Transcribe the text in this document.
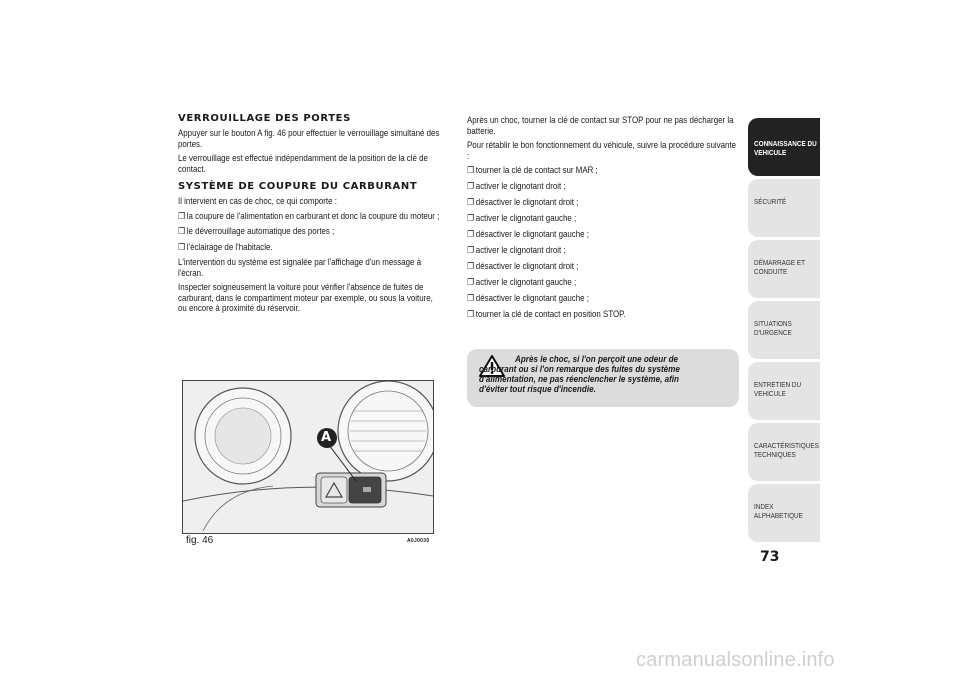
VERROUILLAGE DES PORTES

Appuyer sur le bouton A fig. 46 pour effectuer le verrouillage simultané des portes.

Le verrouillage est effectué indépendamment de la position de la clé de contact.

SYSTÈME DE COUPURE DU CARBURANT

Il intervient en cas de choc, ce qui comporte :

❐ la coupure de l'alimentation en carburant et donc la coupure du moteur ;
❐ le déverrouillage automatique des portes ;
❐ l'éclairage de l'habitacle.

L'intervention du système est signalée par l'affichage d'un message à l'écran.

Inspecter soigneusement la voiture pour vérifier l'absence de fuites de carburant, dans le compartiment moteur par exemple, ou sous la voiture, ou encore à proximité du réservoir.

A
fig. 46	A0J0030

Après un choc, tourner la clé de contact sur STOP pour ne pas décharger la batterie.

Pour rétablir le bon fonctionnement du véhicule, suivre la procédure suivante :

❐ tourner la clé de contact sur MAR ;
❐ activer le clignotant droit ;
❐ désactiver le clignotant droit ;
❐ activer le clignotant gauche ;
❐ désactiver le clignotant gauche ;
❐ activer le clignotant droit ;
❐ désactiver le clignotant droit ;
❐ activer le clignotant gauche ;
❐ désactiver le clignotant gauche ;
❐ tourner la clé de contact en position STOP.
Après le choc, si l'on perçoit une odeur de carburant ou si l'on remarque des fuites du système d'alimentation, ne pas réenclencher le système, afin d'éviter tout risque d'incendie.
CONNAISSANCE DU VEHICULE
SÉCURITÉ
DÉMARRAGE ET CONDUITE
SITUATIONS D'URGENCE
ENTRETIEN DU VEHICULE
CARACTÉRISTIQUES TECHNIQUES
INDEX ALPHABETIQUE
73
carmanualsonline.info
